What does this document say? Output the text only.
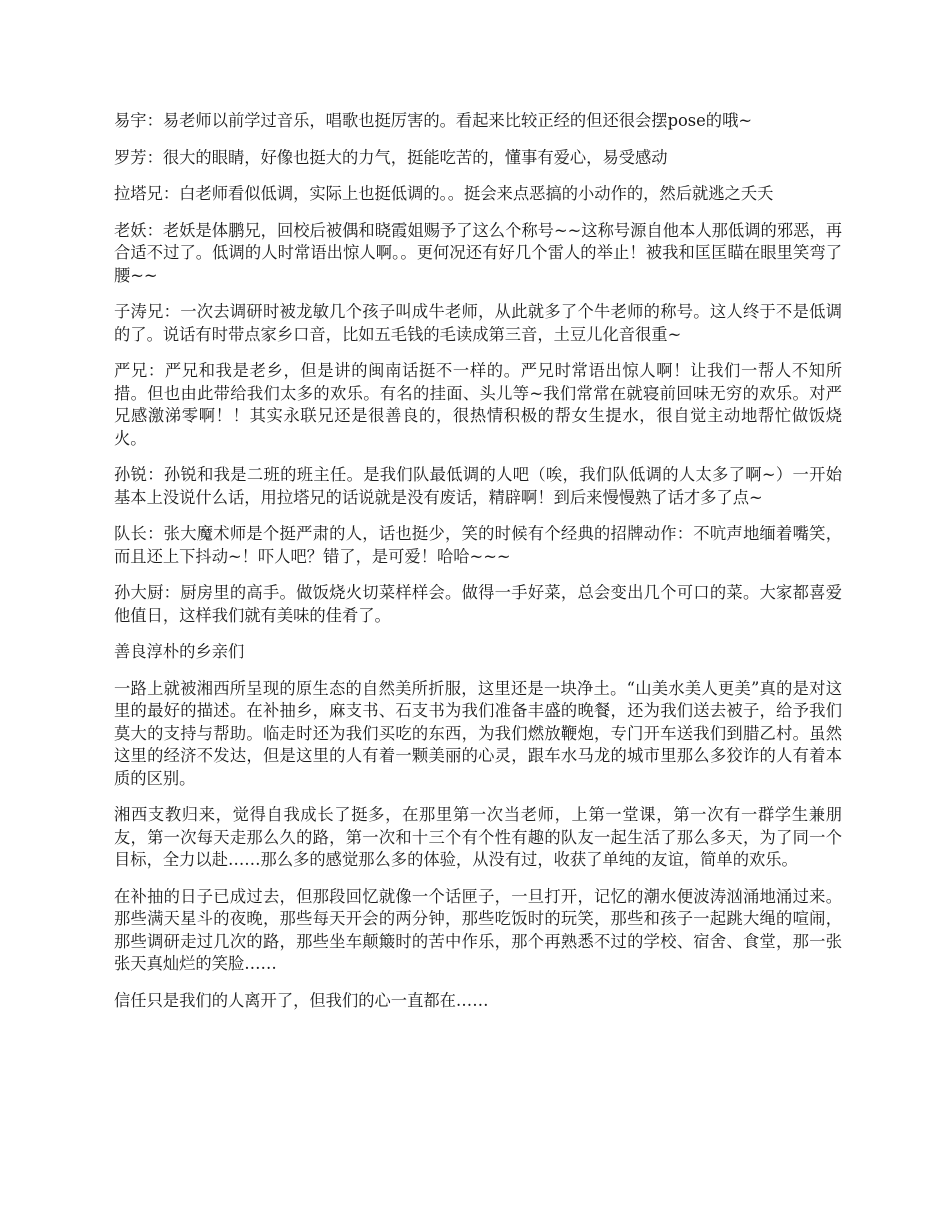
易宇：易老师以前学过音乐，唱歌也挺厉害的。看起来比较正经的但还很会摆pose的哦~

罗芳：很大的眼睛，好像也挺大的力气，挺能吃苦的，懂事有爱心，易受感动

拉塔兄：白老师看似低调，实际上也挺低调的。。挺会来点恶搞的小动作的，然后就逃之夭夭

老妖：老妖是体鹏兄，回校后被偶和晓霞姐赐予了这么个称号~~这称号源自他本人那低调的邪恶，再合适不过了。低调的人时常语出惊人啊。。更何况还有好几个雷人的举止！被我和匡匡瞄在眼里笑弯了腰~~

子涛兄：一次去调研时被龙敏几个孩子叫成牛老师，从此就多了个牛老师的称号。这人终于不是低调的了。说话有时带点家乡口音，比如五毛钱的毛读成第三音，土豆儿化音很重~

严兄：严兄和我是老乡，但是讲的闽南话挺不一样的。严兄时常语出惊人啊！让我们一帮人不知所措。但也由此带给我们太多的欢乐。有名的挂面、头儿等~我们常常在就寝前回味无穷的欢乐。对严兄感激涕零啊！！其实永联兄还是很善良的，很热情积极的帮女生提水，很自觉主动地帮忙做饭烧火。

孙锐：孙锐和我是二班的班主任。是我们队最低调的人吧（唉，我们队低调的人太多了啊~）一开始基本上没说什么话，用拉塔兄的话说就是没有废话，精辟啊！到后来慢慢熟了话才多了点~

队长：张大魔术师是个挺严肃的人，话也挺少，笑的时候有个经典的招牌动作：不吭声地缅着嘴笑，而且还上下抖动~！吓人吧？错了，是可爱！哈哈~~~

孙大厨：厨房里的高手。做饭烧火切菜样样会。做得一手好菜，总会变出几个可口的菜。大家都喜爱他值日，这样我们就有美味的佳肴了。

善良淳朴的乡亲们

一路上就被湘西所呈现的原生态的自然美所折服，这里还是一块净土。“山美水美人更美”真的是对这里的最好的描述。在补抽乡，麻支书、石支书为我们准备丰盛的晚餐，还为我们送去被子，给予我们莫大的支持与帮助。临走时还为我们买吃的东西，为我们燃放鞭炮，专门开车送我们到腊乙村。虽然这里的经济不发达，但是这里的人有着一颗美丽的心灵，跟车水马龙的城市里那么多狡诈的人有着本质的区别。

湘西支教归来，觉得自我成长了挺多，在那里第一次当老师，上第一堂课，第一次有一群学生兼朋友，第一次每天走那么久的路，第一次和十三个有个性有趣的队友一起生活了那么多天，为了同一个目标，全力以赴……那么多的感觉那么多的体验，从没有过，收获了单纯的友谊，简单的欢乐。

在补抽的日子已成过去，但那段回忆就像一个话匣子，一旦打开，记忆的潮水便波涛汹涌地涌过来。那些满天星斗的夜晚，那些每天开会的两分钟，那些吃饭时的玩笑，那些和孩子一起跳大绳的喧闹，那些调研走过几次的路，那些坐车颠簸时的苦中作乐，那个再熟悉不过的学校、宿舍、食堂，那一张张天真灿烂的笑脸……

信任只是我们的人离开了，但我们的心一直都在……
